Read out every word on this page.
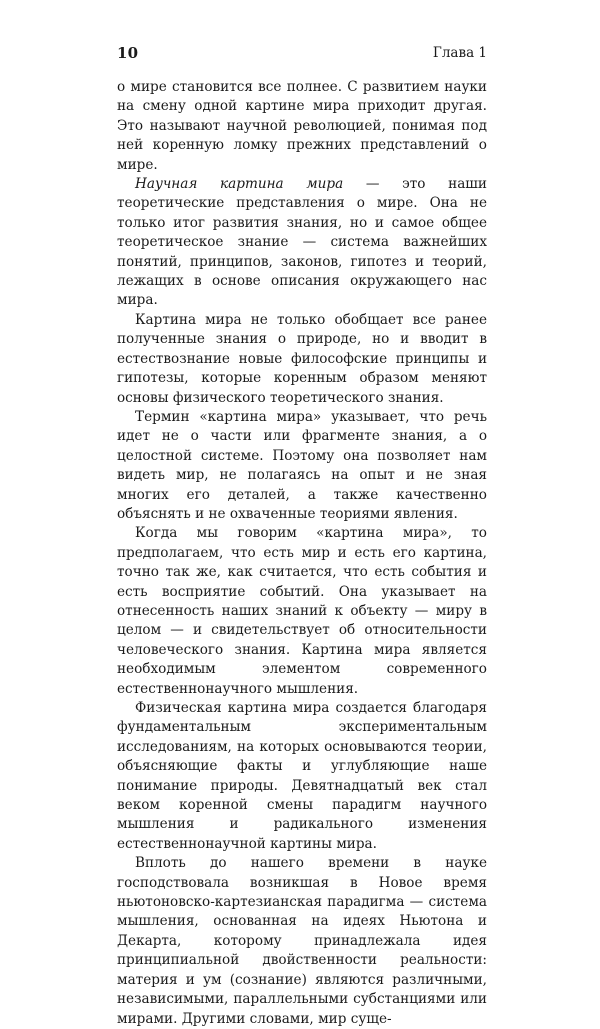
10	Глава 1

о мире становится все полнее. С развитием науки на смену одной картине мира приходит другая. Это называют научной революцией, понимая под ней коренную ломку прежних представлений о мире.

Научная картина мира — это наши теоретические представления о мире. Она не только итог развития знания, но и самое общее теоретическое знание — система важнейших понятий, принципов, законов, гипотез и теорий, лежащих в основе описания окружающего нас мира.

Картина мира не только обобщает все ранее полученные знания о природе, но и вводит в естествознание новые философские принципы и гипотезы, которые коренным образом меняют основы физического теоретического знания.

Термин «картина мира» указывает, что речь идет не о части или фрагменте знания, а о целостной системе. Поэтому она позволяет нам видеть мир, не полагаясь на опыт и не зная многих его деталей, а также качественно объяснять и не охваченные теориями явления.

Когда мы говорим «картина мира», то предполагаем, что есть мир и есть его картина, точно так же, как считается, что есть события и есть восприятие событий. Она указывает на отнесенность наших знаний к объекту — миру в целом — и свидетельствует об относительности человеческого знания. Картина мира является необходимым элементом современного естественнонаучного мышления.

Физическая картина мира создается благодаря фундаментальным экспериментальным исследованиям, на которых основываются теории, объясняющие факты и углубляющие наше понимание природы. Девятнадцатый век стал веком коренной смены парадигм научного мышления и радикального изменения естественнонаучной картины мира.

Вплоть до нашего времени в науке господствовала возникшая в Новое время ньютоновско-картезианская парадигма — система мышления, основанная на идеях Ньютона и Декарта, которому принадлежала идея принципиальной двойственности реальности: материя и ум (сознание) являются различными, независимыми, параллельными субстанциями или мирами. Другими словами, мир суще-
